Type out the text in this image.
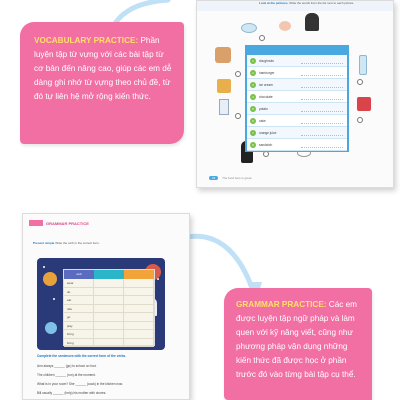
Look at the pictures. Write the words from the list next to each picture.
1	doughnuts
2	hamburger
3	ice cream
4	chocolate
5	potato
6	cake
7	orange juice
8	sandwich
22 The food here is great

VOCABULARY PRACTICE: Phần luyện tập từ vựng với các bài tập từ cơ bản đến nâng cao, giúp các em dễ dàng ghi nhớ từ vựng theo chủ đề, từ đó tự liên hệ mở rộng kiến thức.

GRAMMAR PRACTICE
Present simple Write the verb in the correct form.
verb
wear
do
eat
ride
go
play
bring
bring
Complete the sentences with the correct form of the verbs.
Ann always ______ (go) to school on foot.
The children ______ (run) at the moment.
What is in your room? She ______ (cook) in the kitchen now.
Bill usually ______ (help) his mother with chores.

GRAMMAR PRACTICE: Các em được luyện tập ngữ pháp và làm quen với kỹ năng viết, cũng như phương pháp vận dụng những kiến thức đã được học ở phần trước đó vào từng bài tập cụ thể.
